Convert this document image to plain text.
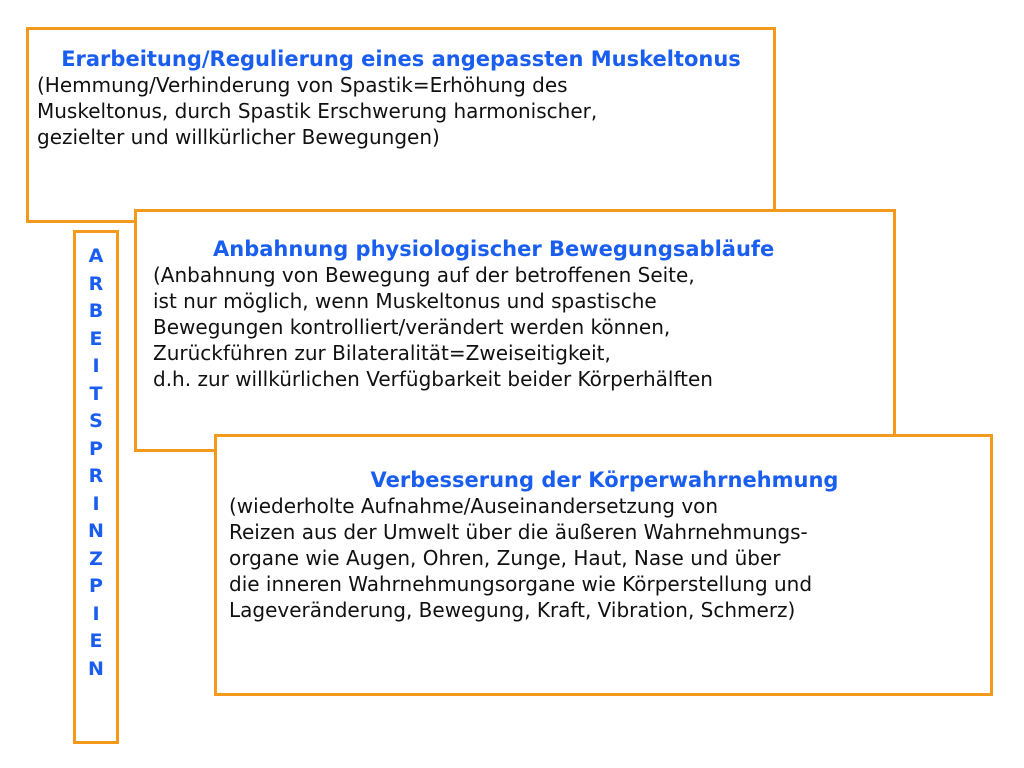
A
R
B
E
I
T
S
P
R
I
N
Z
P
I
E
N

Erarbeitung/Regulierung eines angepassten Muskeltonus

(Hemmung/Verhinderung von Spastik=Erhöhung des
Muskeltonus, durch Spastik Erschwerung harmonischer,
gezielter und willkürlicher Bewegungen)

Anbahnung physiologischer Bewegungsabläufe

(Anbahnung von Bewegung auf der betroffenen Seite,
ist nur möglich, wenn Muskeltonus und spastische
Bewegungen kontrolliert/verändert werden können,
Zurückführen zur Bilateralität=Zweiseitigkeit,
d.h. zur willkürlichen Verfügbarkeit beider Körperhälften

Verbesserung der Körperwahrnehmung

(wiederholte Aufnahme/Auseinandersetzung von
Reizen aus der Umwelt über die äußeren Wahrnehmungs-
organe wie Augen, Ohren, Zunge, Haut, Nase und über
die inneren Wahrnehmungsorgane wie Körperstellung und
Lageveränderung, Bewegung, Kraft, Vibration, Schmerz)
